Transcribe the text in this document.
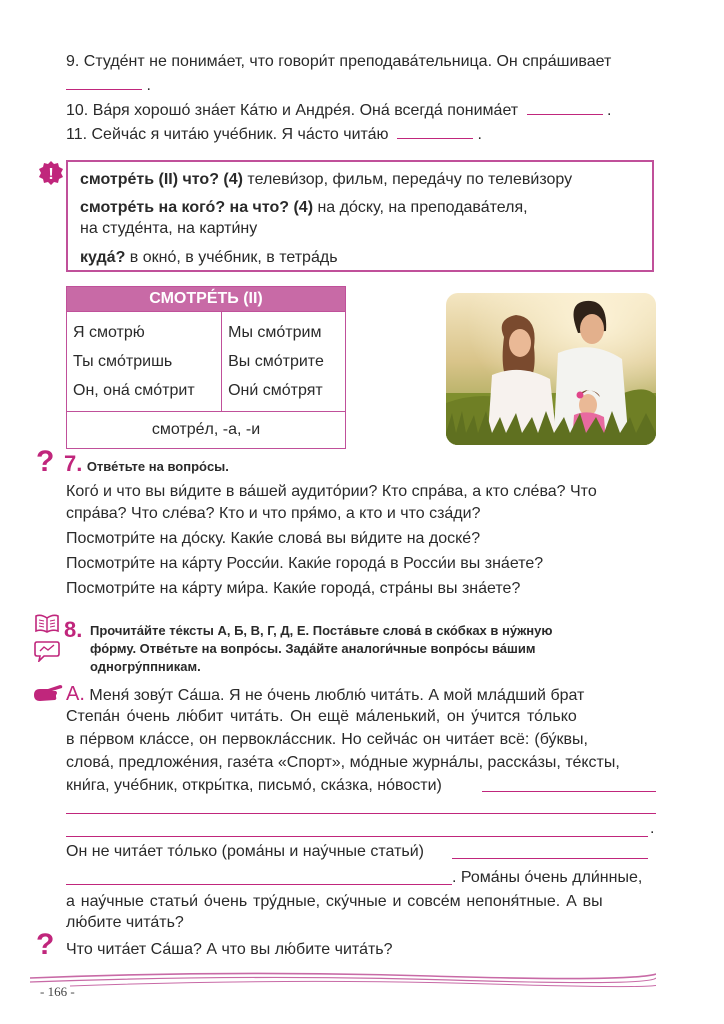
9. Студе́нт не понима́ет, что говори́т преподава́тельница. Он спра́шивает
.
10. Ва́ря хорошо́ зна́ет Ка́тю и Андре́я. Она́ всегда́ понима́ет	.
11. Сейча́с я чита́ю уче́бник. Я ча́сто чита́ю	.
! смотре́ть (II) что? (4) телеви́зор, фильм, переда́чу по телеви́зору
смотре́ть на кого́? на что? (4) на до́ску, на преподава́теля,
на студе́нта, на карти́ну
куда́? в окно́, в уче́бник, в тетра́дь
СМОТРЕ́ТЬ (II)	
Я смотрю́	Мы смо́трим
Ты смо́тришь	Вы смо́трите
Он, она́ смо́трит	Они́ смо́трят
смотре́л, -а, -и	
? 7. Отве́тьте на вопро́сы.
Кого́ и что вы ви́дите в ва́шей аудито́рии? Кто спра́ва, а кто сле́ва? Что
спра́ва? Что сле́ва? Кто и что пря́мо, а кто и что сза́ди?
Посмотри́те на до́ску. Каки́е слова́ вы ви́дите на доске́?
Посмотри́те на ка́рту Росси́и. Каки́е города́ в Росси́и вы зна́ете?
Посмотри́те на ка́рту ми́ра. Каки́е города́, стра́ны вы зна́ете?
8. Прочита́йте те́ксты А, Б, В, Г, Д, Е. Поста́вьте слова́ в ско́бках в ну́жную
фо́рму. Отве́тьте на вопро́сы. Зада́йте аналоги́чные вопро́сы ва́шим
одногру́ппникам.
А. Меня́ зову́т Са́ша. Я не о́чень люблю́ чита́ть. А мой мла́дший брат
Степа́н о́чень лю́бит чита́ть. Он ещё ма́ленький, он у́чится то́лько
в пе́рвом кла́ссе, он первокла́ссник. Но сейча́с он чита́ет всё: (бу́квы,
слова́, предложе́ния, газе́та «Спорт», мо́дные журна́лы, расска́зы, те́ксты,
кни́га, уче́бник, откры́тка, письмо́, ска́зка, но́вости)
.
Он не чита́ет то́лько (рома́ны и нау́чные статьи́)
. Рома́ны о́чень дли́нные,
а нау́чные статьи́ о́чень тру́дные, ску́чные и совсе́м непоня́тные. А вы
лю́бите чита́ть?
? Что чита́ет Са́ша? А что вы лю́бите чита́ть?
- 166 -
